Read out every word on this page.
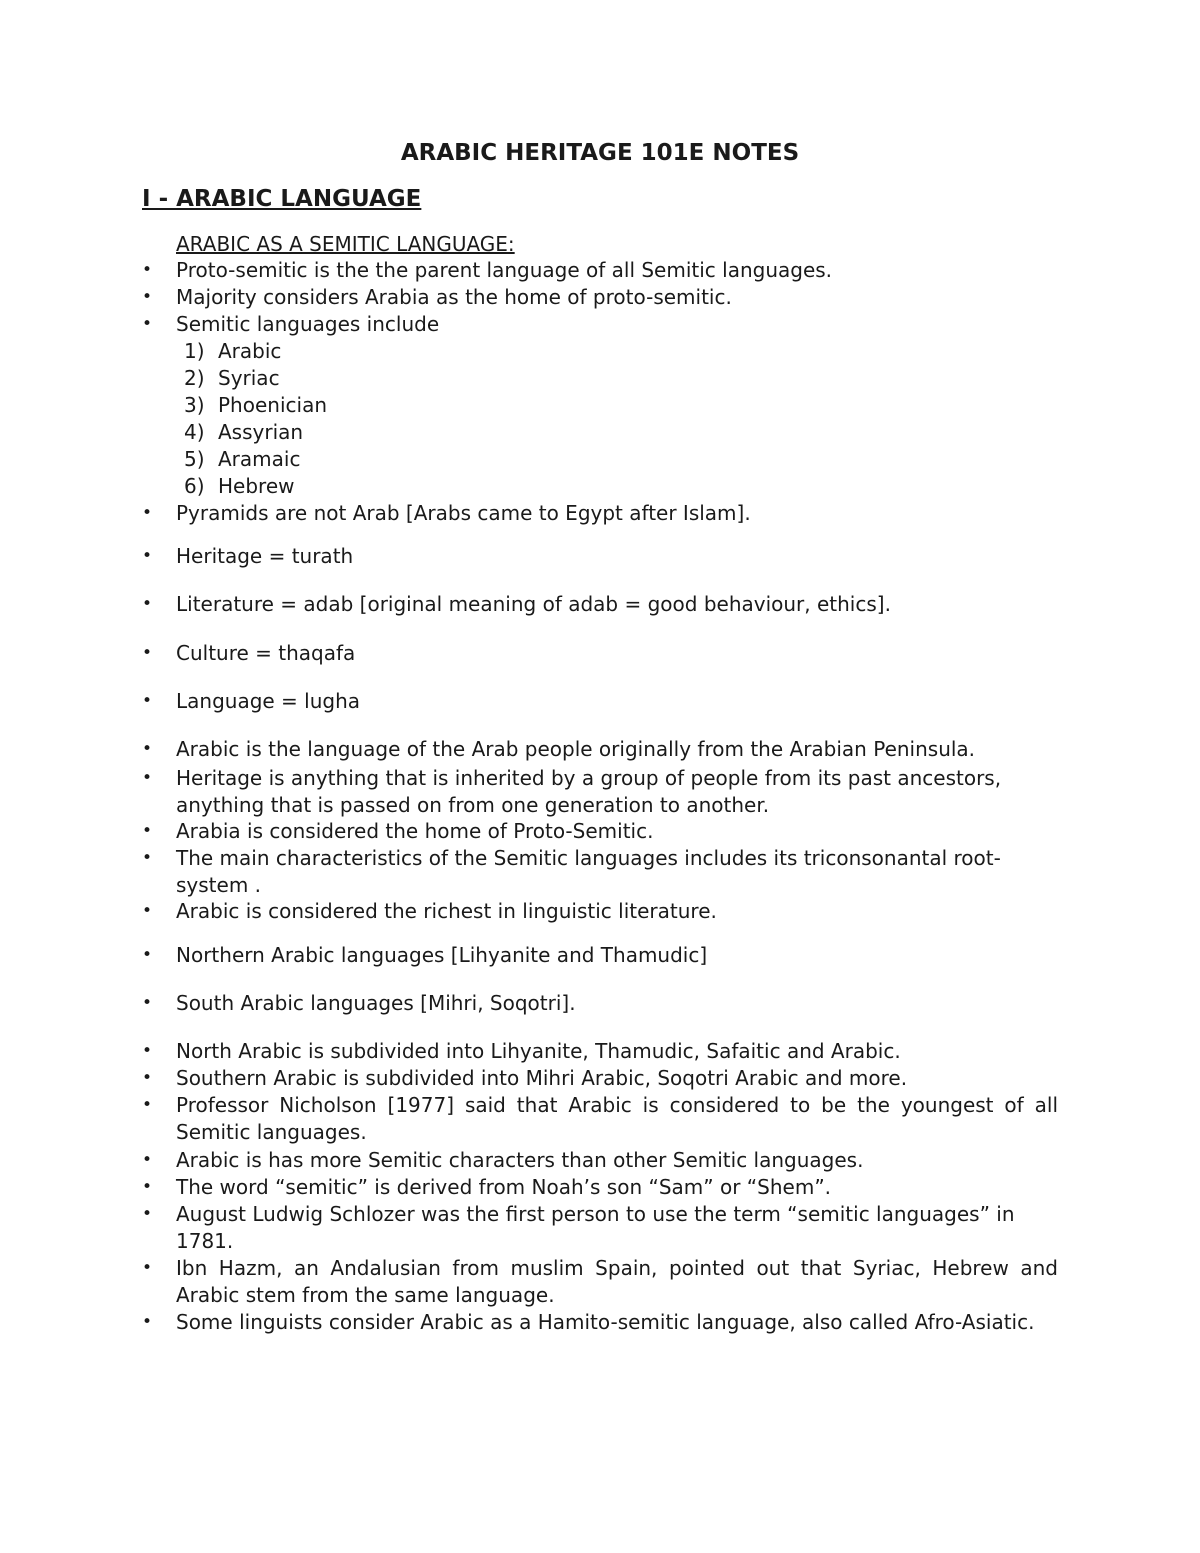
ARABIC HERITAGE 101E NOTES
I - ARABIC LANGUAGE
ARABIC AS A SEMITIC LANGUAGE:
• Proto-semitic is the the parent language of all Semitic languages.
• Majority considers Arabia as the home of proto-semitic.
• Semitic languages include
1) Arabic
2) Syriac
3) Phoenician
4) Assyrian
5) Aramaic
6) Hebrew
• Pyramids are not Arab [Arabs came to Egypt after Islam].
• Heritage = turath
• Literature = adab [original meaning of adab = good behaviour, ethics].
• Culture = thaqafa
• Language = lugha
• Arabic is the language of the Arab people originally from the Arabian Peninsula.
• Heritage is anything that is inherited by a group of people from its past ancestors, anything that is passed on from one generation to another.
• Arabia is considered the home of Proto-Semitic.
• The main characteristics of the Semitic languages includes its triconsonantal root-system .
• Arabic is considered the richest in linguistic literature.
• Northern Arabic languages [Lihyanite and Thamudic]
• South Arabic languages [Mihri, Soqotri].
• North Arabic is subdivided into Lihyanite, Thamudic, Safaitic and Arabic.
• Southern Arabic is subdivided into Mihri Arabic, Soqotri Arabic and more.
• Professor Nicholson [1977] said that Arabic is considered to be the youngest of all Semitic languages.
• Arabic is has more Semitic characters than other Semitic languages.
• The word “semitic” is derived from Noah’s son “Sam” or “Shem”.
• August Ludwig Schlozer was the first person to use the term “semitic languages” in 1781.
• Ibn Hazm, an Andalusian from muslim Spain, pointed out that Syriac, Hebrew and Arabic stem from the same language.
• Some linguists consider Arabic as a Hamito-semitic language, also called Afro-Asiatic.
